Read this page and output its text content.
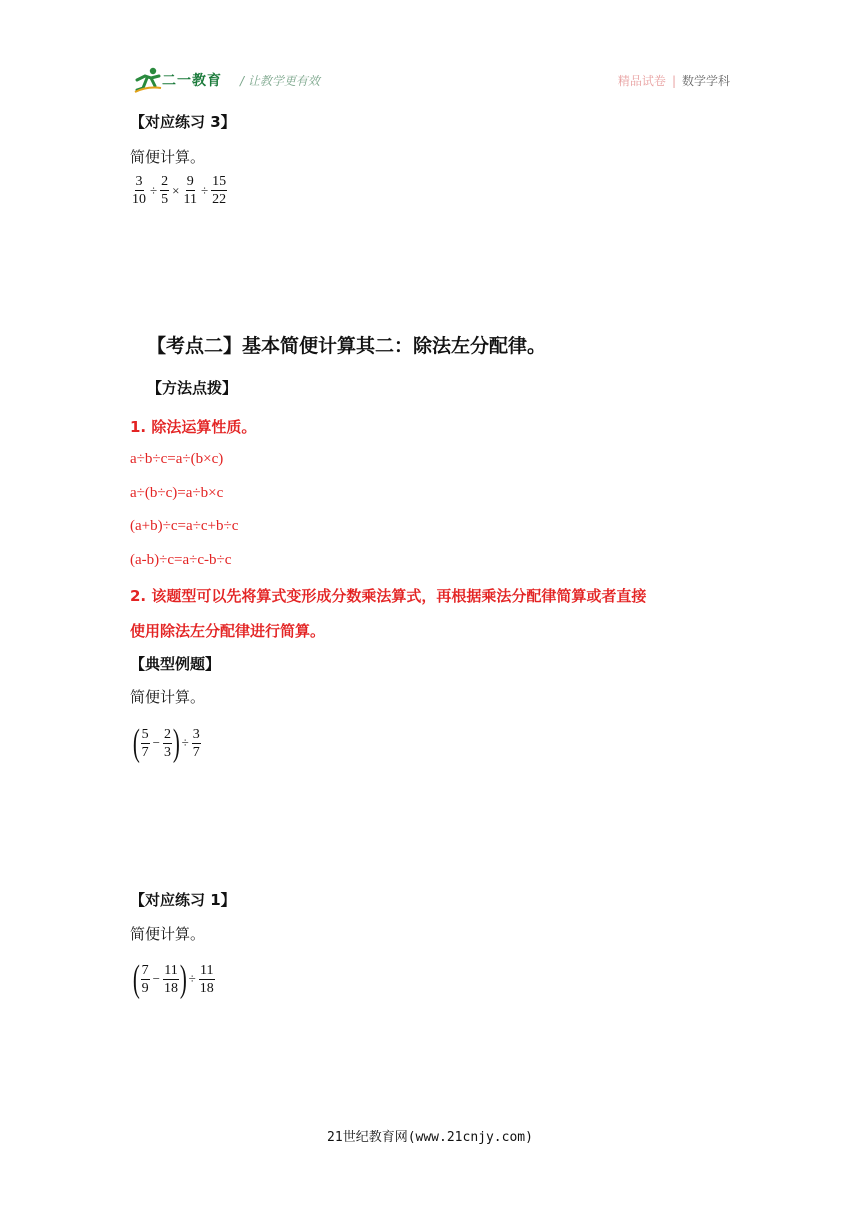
二一教育 / 让教学更有效	精品试卷 | 数学学科
【对应练习 3】
简便计算。
$\frac{3}{10} \div \frac{2}{5} \times \frac{9}{11} \div \frac{15}{22}$
【考点二】基本简便计算其二：除法左分配律。
【方法点拨】
1. 除法运算性质。
a÷b÷c=a÷(b×c)
a÷(b÷c)=a÷b×c
(a+b)÷c=a÷c+b÷c
(a-b)÷c=a÷c-b÷c
2. 该题型可以先将算式变形成分数乘法算式，再根据乘法分配律简算或者直接
使用除法左分配律进行简算。
【典型例题】
简便计算。
( $\frac{5}{7} - \frac{2}{3}$ ) ÷ $\frac{3}{7}$
【对应练习 1】
简便计算。
( $\frac{7}{9} - \frac{11}{18}$ ) ÷ $\frac{11}{18}$
21世纪教育网(www.21cnjy.com)
